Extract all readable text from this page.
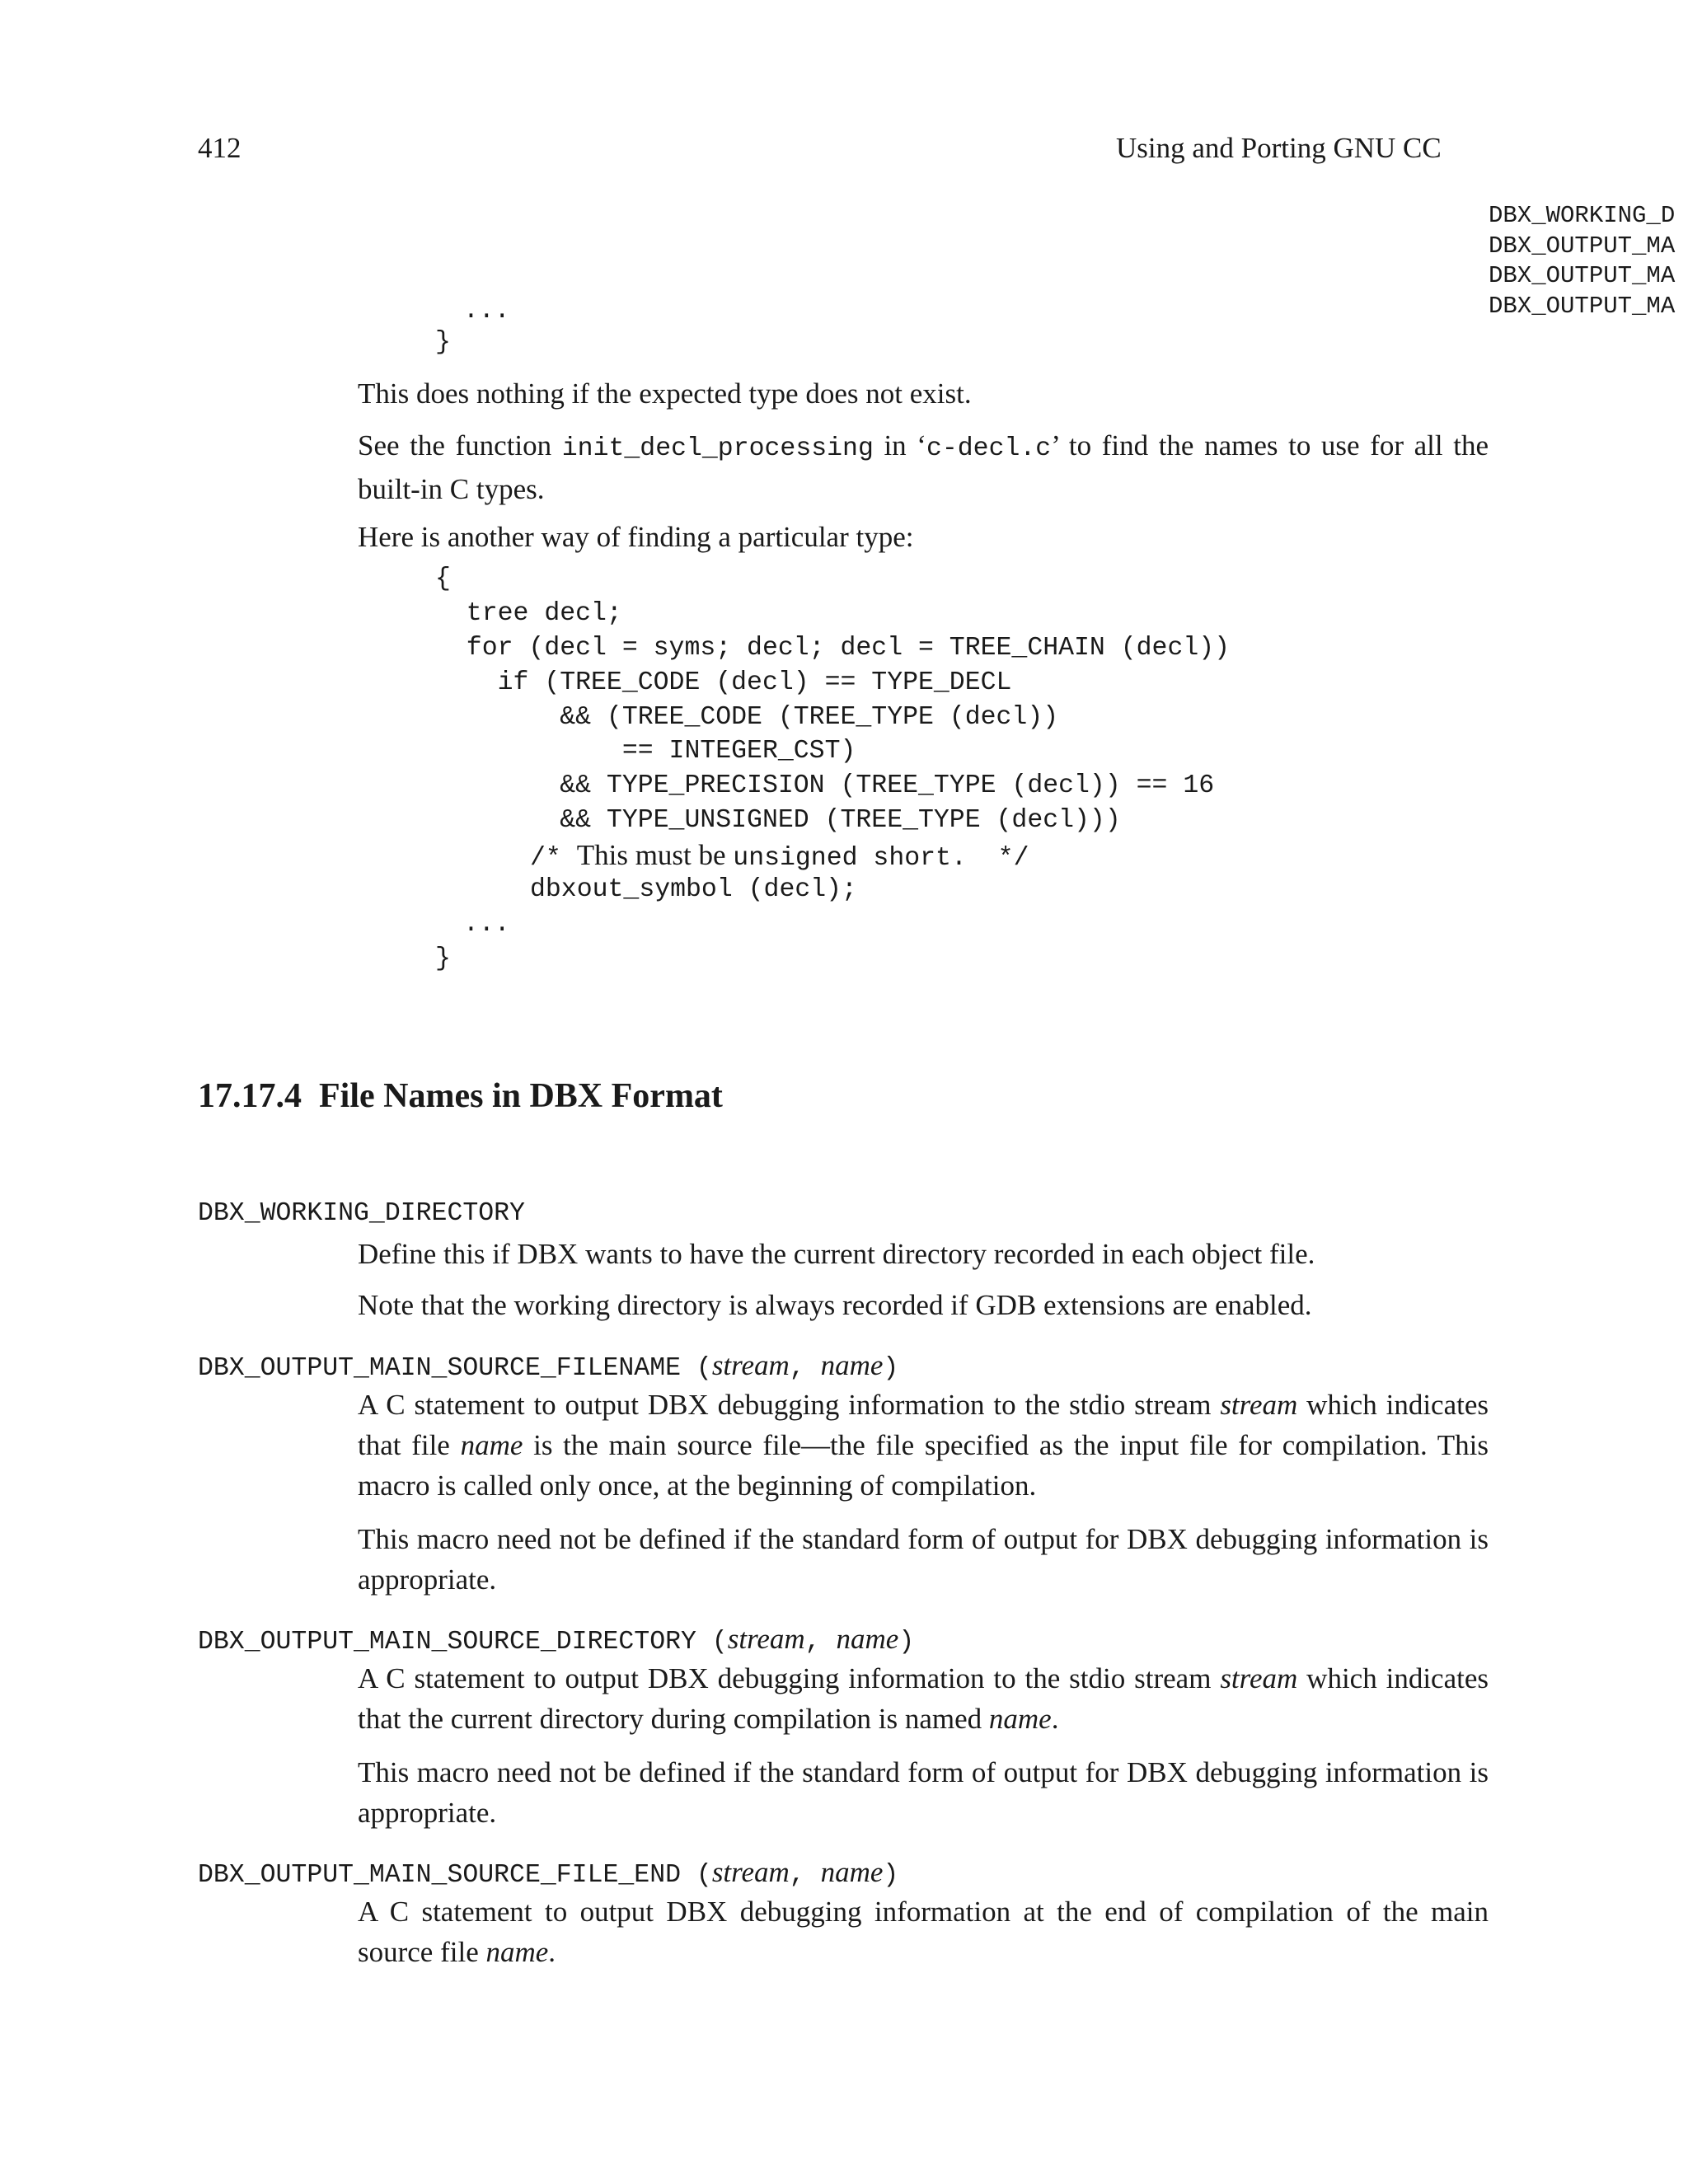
412	Using and Porting GNU CC
DBX_WORKING_D
DBX_OUTPUT_MA
DBX_OUTPUT_MA
DBX_OUTPUT_MA
...
}
This does nothing if the expected type does not exist.
See the function init_decl_processing in ‘c-decl.c’ to find the names to use for all the built-in C types.
Here is another way of finding a particular type:
{
tree decl;
for (decl = syms; decl; decl = TREE_CHAIN (decl))
if (TREE_CODE (decl) == TYPE_DECL
&& (TREE_CODE (TREE_TYPE (decl))
== INTEGER_CST)
&& TYPE_PRECISION (TREE_TYPE (decl)) == 16
&& TYPE_UNSIGNED (TREE_TYPE (decl)))
/* This must be unsigned short.  */
dbxout_symbol (decl);
...
}
17.17.4  File Names in DBX Format
DBX_WORKING_DIRECTORY
Define this if DBX wants to have the current directory recorded in each object file.
Note that the working directory is always recorded if GDB extensions are enabled.
DBX_OUTPUT_MAIN_SOURCE_FILENAME (stream, name)
A C statement to output DBX debugging information to the stdio stream stream which indicates that file name is the main source file—the file specified as the input file for compilation. This macro is called only once, at the beginning of compilation.
This macro need not be defined if the standard form of output for DBX debugging information is appropriate.
DBX_OUTPUT_MAIN_SOURCE_DIRECTORY (stream, name)
A C statement to output DBX debugging information to the stdio stream stream which indicates that the current directory during compilation is named name.
This macro need not be defined if the standard form of output for DBX debugging information is appropriate.
DBX_OUTPUT_MAIN_SOURCE_FILE_END (stream, name)
A C statement to output DBX debugging information at the end of compilation of the main source file name.
